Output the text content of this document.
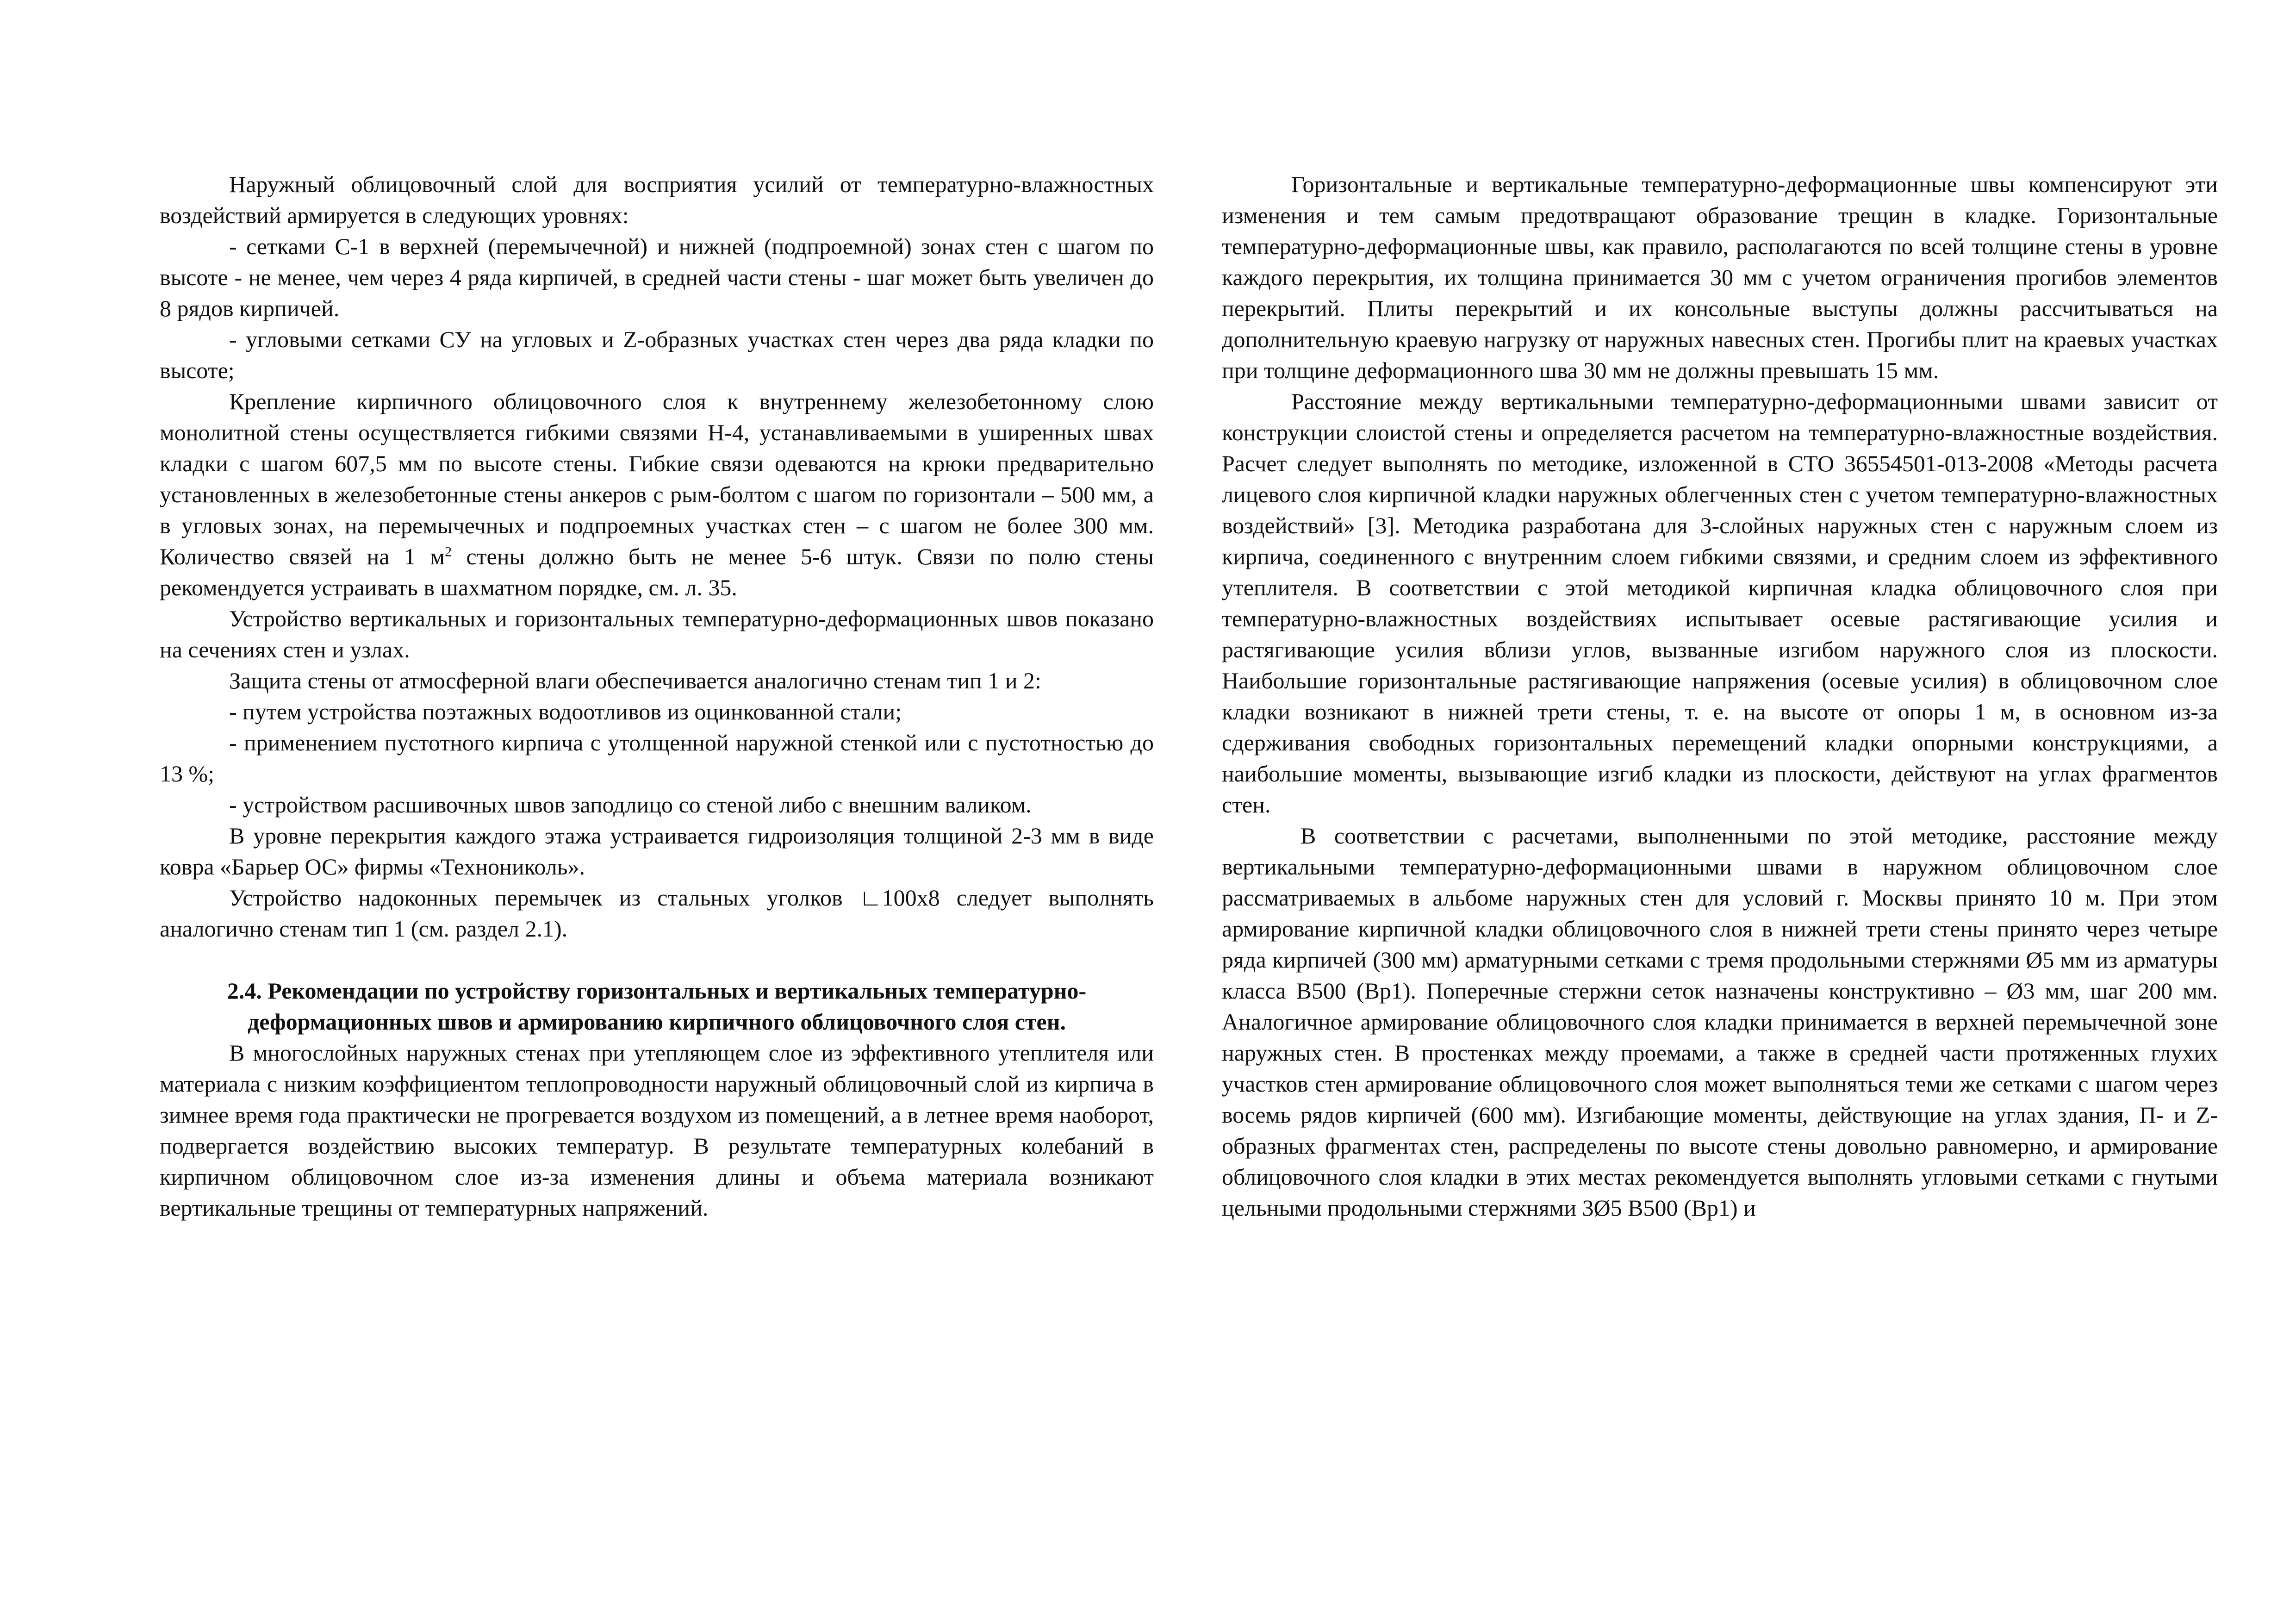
Наружный облицовочный слой для восприятия усилий от температурно-влажностных воздействий армируется в следующих уровнях:

- сетками С-1 в верхней (перемычечной) и нижней (подпроемной) зонах стен с шагом по высоте - не менее, чем через 4 ряда кирпичей, в средней части стены - шаг может быть увеличен до 8 рядов кирпичей.

- угловыми сетками СУ на угловых и Z-образных участках стен через два ряда кладки по высоте;

Крепление кирпичного облицовочного слоя к внутреннему железобетонному слою монолитной стены осуществляется гибкими связями Н-4, устанавливаемыми в уширенных швах кладки с шагом 607,5 мм по высоте стены. Гибкие связи одеваются на крюки предварительно установленных в железобетонные стены анкеров с рым-болтом с шагом по горизонтали – 500 мм, а в угловых зонах, на перемычечных и подпроемных участках стен – с шагом не более 300 мм. Количество связей на 1 $м^2$ стены должно быть не менее 5-6 штук. Связи по полю стены рекомендуется устраивать в шахматном порядке, см. л. 35.

Устройство вертикальных и горизонтальных температурно-деформационных швов показано на сечениях стен и узлах.

Защита стены от атмосферной влаги обеспечивается аналогично стенам тип 1 и 2:

- путем устройства поэтажных водоотливов из оцинкованной стали;

- применением пустотного кирпича с утолщенной наружной стенкой или с пустотностью до 13 %;

- устройством расшивочных швов заподлицо со стеной либо с внешним валиком.

В уровне перекрытия каждого этажа устраивается гидроизоляция толщиной 2-3 мм в виде ковра «Барьер ОС» фирмы «Технониколь».

Устройство надоконных перемычек из стальных уголков ∟100х8 следует выполнять аналогично стенам тип 1 (см. раздел 2.1).

2.4. Рекомендации по устройству горизонтальных и вертикальных температурно-деформационных швов и армированию кирпичного облицовочного слоя стен.

В многослойных наружных стенах при утепляющем слое из эффективного утеплителя или материала с низким коэффициентом теплопроводности наружный облицовочный слой из кирпича в зимнее время года практически не прогревается воздухом из помещений, а в летнее время наоборот, подвергается воздействию высоких температур. В результате температурных колебаний в кирпичном облицовочном слое из-за изменения длины и объема материала возникают вертикальные трещины от температурных напряжений.

Горизонтальные и вертикальные температурно-деформационные швы компенсируют эти изменения и тем самым предотвращают образование трещин в кладке. Горизонтальные температурно-деформационные швы, как правило, располагаются по всей толщине стены в уровне каждого перекрытия, их толщина принимается 30 мм с учетом ограничения прогибов элементов перекрытий. Плиты перекрытий и их консольные выступы должны рассчитываться на дополнительную краевую нагрузку от наружных навесных стен. Прогибы плит на краевых участках при толщине деформационного шва 30 мм не должны превышать 15 мм.

Расстояние между вертикальными температурно-деформационными швами зависит от конструкции слоистой стены и определяется расчетом на температурно-влажностные воздействия. Расчет следует выполнять по методике, изложенной в СТО 36554501-013-2008 «Методы расчета лицевого слоя кирпичной кладки наружных облегченных стен с учетом температурно-влажностных воздействий» [3]. Методика разработана для 3-слойных наружных стен с наружным слоем из кирпича, соединенного с внутренним слоем гибкими связями, и средним слоем из эффективного утеплителя. В соответствии с этой методикой кирпичная кладка облицовочного слоя при температурно-влажностных воздействиях испытывает осевые растягивающие усилия и растягивающие усилия вблизи углов, вызванные изгибом наружного слоя из плоскости. Наибольшие горизонтальные растягивающие напряжения (осевые усилия) в облицовочном слое кладки возникают в нижней трети стены, т. е. на высоте от опоры 1 м, в основном из-за сдерживания свободных горизонтальных перемещений кладки опорными конструкциями, а наибольшие моменты, вызывающие изгиб кладки из плоскости, действуют на углах фрагментов стен.

В соответствии с расчетами, выполненными по этой методике, расстояние между вертикальными температурно-деформационными швами в наружном облицовочном слое рассматриваемых в альбоме наружных стен для условий г. Москвы принято 10 м. При этом армирование кирпичной кладки облицовочного слоя в нижней трети стены принято через четыре ряда кирпичей (300 мм) арматурными сетками с тремя продольными стержнями Ø5 мм из арматуры класса В500 (Вр1). Поперечные стержни сеток назначены конструктивно – Ø3 мм, шаг 200 мм. Аналогичное армирование облицовочного слоя кладки принимается в верхней перемычечной зоне наружных стен. В простенках между проемами, а также в средней части протяженных глухих участков стен армирование облицовочного слоя может выполняться теми же сетками с шагом через восемь рядов кирпичей (600 мм). Изгибающие моменты, действующие на углах здания, П- и Z-образных фрагментах стен, распределены по высоте стены довольно равномерно, и армирование облицовочного слоя кладки в этих местах рекомендуется выполнять угловыми сетками с гнутыми цельными продольными стержнями 3Ø5 В500 (Вр1) и
